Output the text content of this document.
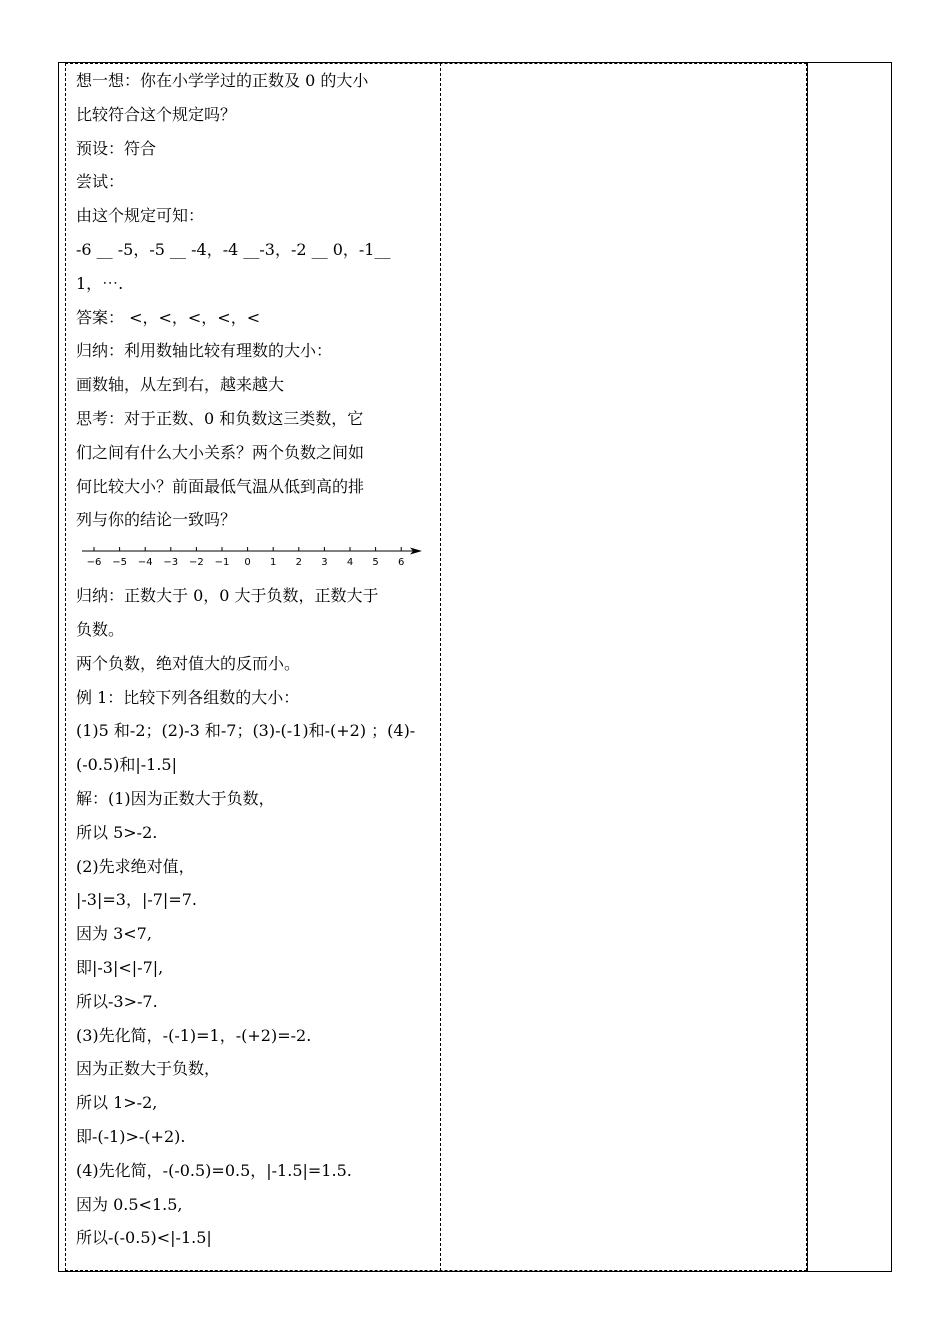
想一想：你在小学学过的正数及 0 的大小
比较符合这个规定吗？
预设：符合
尝试：
由这个规定可知：
-6 __ -5，-5 __ -4，-4 __-3，-2 __ 0，-1__
1，⋯.
答案： <，<，<，<，<
归纳：利用数轴比较有理数的大小：
画数轴，从左到右，越来越大
思考：对于正数、0 和负数这三类数，它
们之间有什么大小关系？两个负数之间如
何比较大小？前面最低气温从低到高的排
列与你的结论一致吗？
−6 −5 −4 −3 −2 −1 0 1 2 3 4 5 6
归纳：正数大于 0，0 大于负数，正数大于
负数。
两个负数，绝对值大的反而小。
例 1：比较下列各组数的大小：
(1)5 和-2；(2)-3 和-7；(3)-(-1)和-(+2) ；(4)-
(-0.5)和|-1.5|
解：(1)因为正数大于负数，
所以 5>-2.
(2)先求绝对值，
|-3|=3，|-7|=7.
因为 3<7,
即|-3|<|-7|,
所以-3>-7.
(3)先化简，-(-1)=1，-(+2)=-2.
因为正数大于负数，
所以 1>-2,
即-(-1)>-(+2).
(4)先化简，-(-0.5)=0.5，|-1.5|=1.5.
因为 0.5<1.5,
所以-(-0.5)<|-1.5|
